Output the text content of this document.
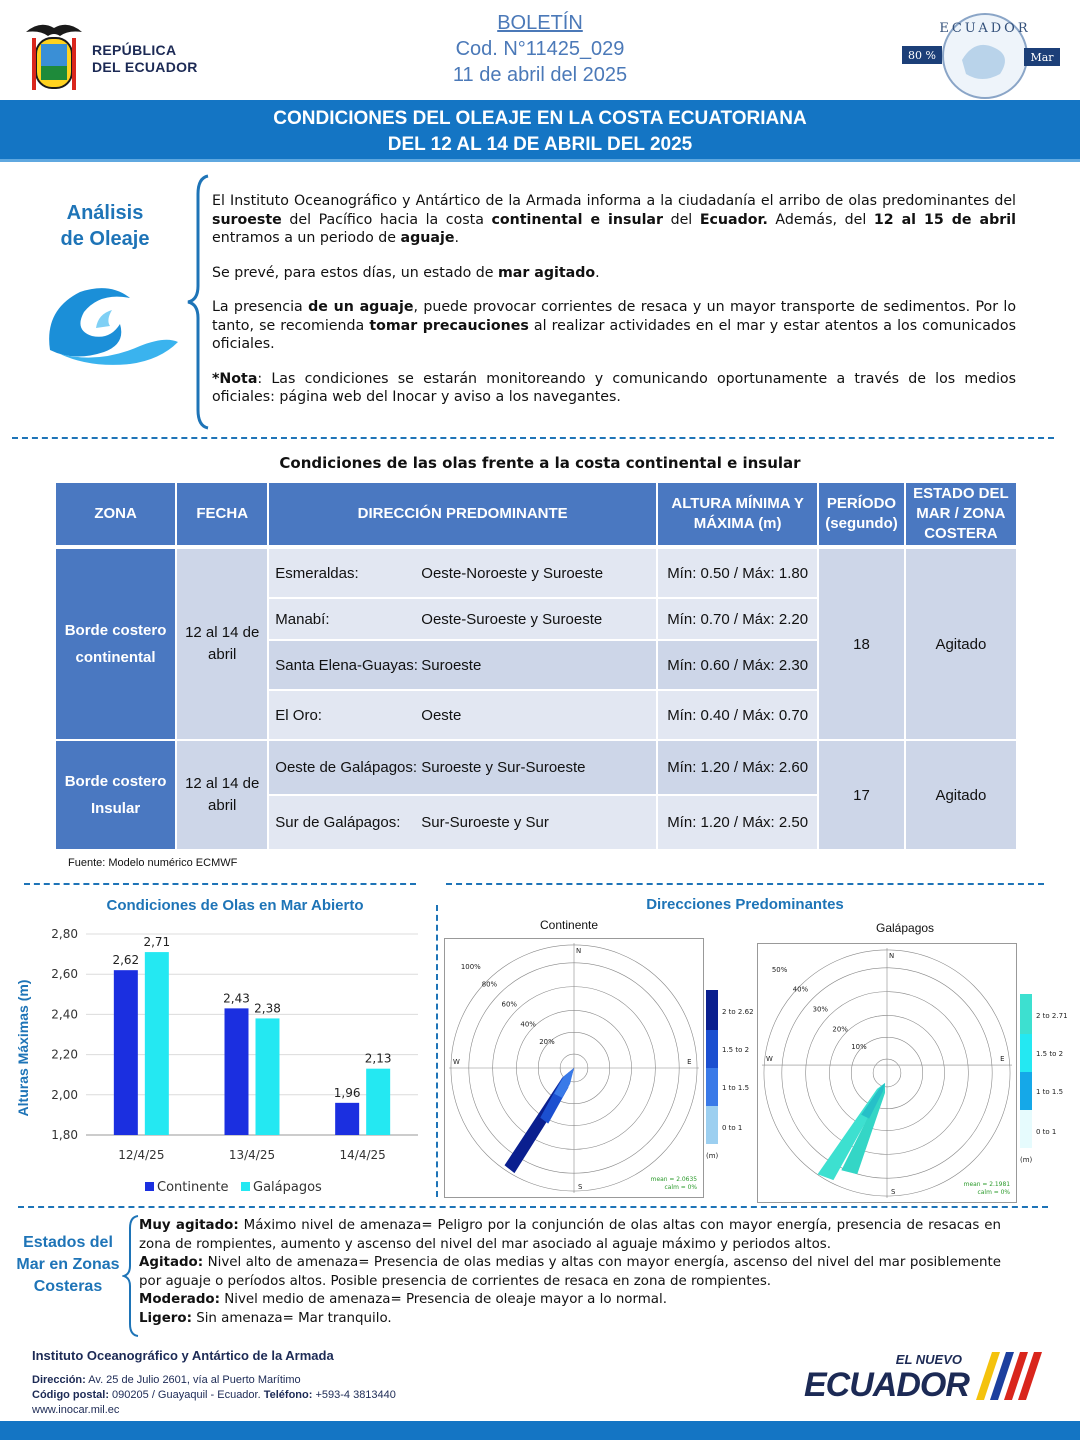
REPÚBLICA
DEL ECUADOR
BOLETÍN
Cod. N°11425_029
11 de abril del 2025
ECUADOR
80 %	Mar
CONDICIONES DEL OLEAJE EN LA COSTA ECUATORIANA
DEL 12 AL 14 DE ABRIL DEL 2025
Análisis
de Oleaje

El Instituto Oceanográfico y Antártico de la Armada informa a la ciudadanía el arribo de olas predominantes del suroeste del Pacífico hacia la costa continental e insular del Ecuador. Además, del 12 al 15 de abril entramos a un periodo de aguaje.

Se prevé, para estos días, un estado de mar agitado.

La presencia de un aguaje, puede provocar corrientes de resaca y un mayor transporte de sedimentos. Por lo tanto, se recomienda tomar precauciones al realizar actividades en el mar y estar atentos a los comunicados oficiales.

*Nota: Las condiciones se estarán monitoreando y comunicando oportunamente a través de los medios oficiales: página web del Inocar y aviso a los navegantes.

Condiciones de las olas frente a la costa continental e insular
ZONA	FECHA	DIRECCIÓN PREDOMINANTE	ALTURA MÍNIMA Y MÁXIMA (m)	PERÍODO (segundo)	ESTADO DEL MAR / ZONA COSTERA

Borde costero continental	12 al 14 de abril	Esmeraldas: Oeste-Noroeste y Suroeste	Mín: 0.50 / Máx: 1.80	18	Agitado
		Manabí: Oeste-Suroeste y Suroeste	Mín: 0.70 / Máx: 2.20		
		Santa Elena-Guayas: Suroeste	Mín: 0.60 / Máx: 2.30		
		El Oro: Oeste	Mín: 0.40 / Máx: 0.70		
Borde costero Insular	12 al 14 de abril	Oeste de Galápagos: Suroeste y Sur-Suroeste	Mín: 1.20 / Máx: 2.60	17	Agitado
		Sur de Galápagos: Sur-Suroeste y Sur	Mín: 1.20 / Máx: 2.50		
Fuente: Modelo numérico ECMWF
Condiciones de Olas en Mar Abierto
1,80
2,00
2,20
2,40
2,60
2,80
2,62
2,71
2,43
2,38
1,96
2,13
12/4/25	13/4/25	14/4/25
Alturas Máximas (m)
Continente Galápagos
Direcciones Predominantes
Continente	Galápagos
N
E
S
W
20%
40%
60%
80%
100%
mean = 2.0635
calm = 0%
2 to 2.62
1.5 to 2
1 to 1.5
0 to 1
(m)
N
E
S
W
10%
20%
30%
40%
50%
mean = 2.1981
calm = 0%
2 to 2.71
1.5 to 2
1 to 1.5
0 to 1
(m)
Estados del
Mar en Zonas
Costeras
Muy agitado: Máximo nivel de amenaza= Peligro por la conjunción de olas altas con mayor energía, presencia de resacas en zona de rompientes, aumento y ascenso del nivel del mar asociado al aguaje máximo y periodos altos.
Agitado: Nivel alto de amenaza= Presencia de olas medias y altas con mayor energía, ascenso del nivel del mar posiblemente por aguaje o períodos altos. Posible presencia de corrientes de resaca en zona de rompientes.
Moderado: Nivel medio de amenaza= Presencia de oleaje mayor a lo normal.
Ligero: Sin amenaza= Mar tranquilo.
Instituto Oceanográfico y Antártico de la Armada
Dirección: Av. 25 de Julio 2601, vía al Puerto Marítimo
Código postal: 090205 / Guayaquil - Ecuador. Teléfono: +593-4 3813440
www.inocar.mil.ec
EL NUEVO
ECUADOR
